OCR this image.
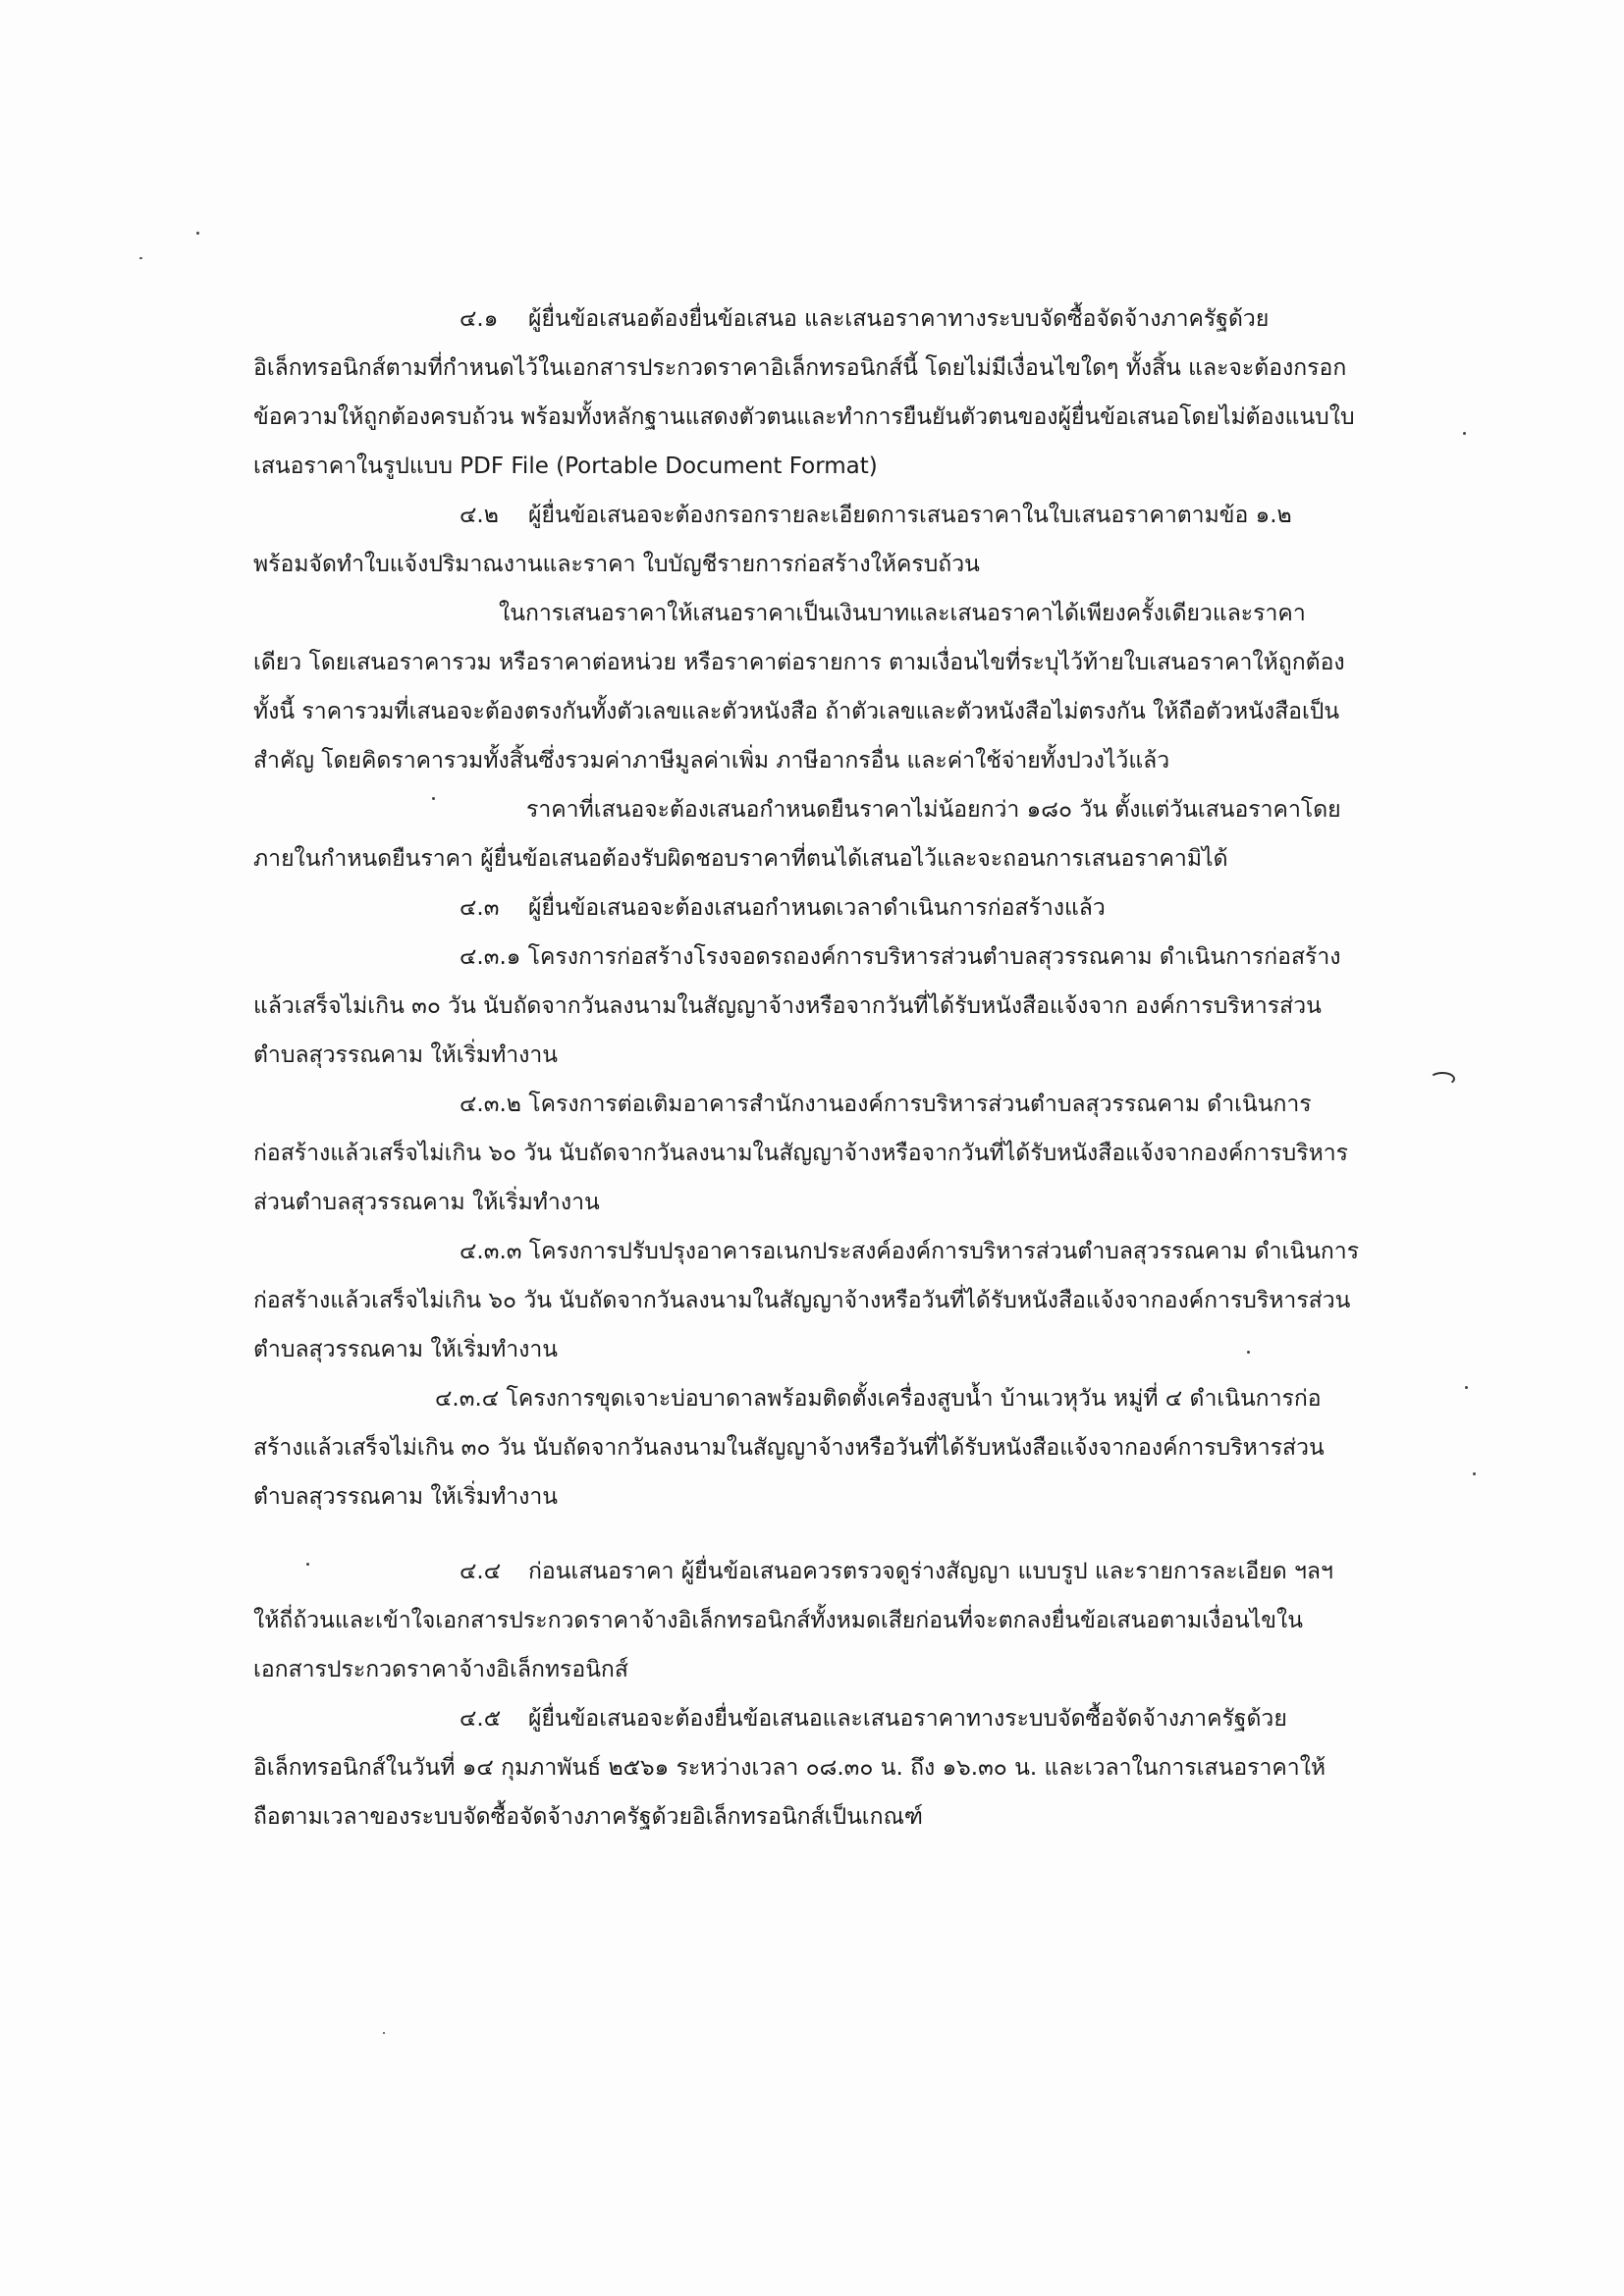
๔.๑ ผู้ยื่นข้อเสนอต้องยื่นข้อเสนอ และเสนอราคาทางระบบจัดซื้อจัดจ้างภาครัฐด้วย
อิเล็กทรอนิกส์ตามที่กำหนดไว้ในเอกสารประกวดราคาอิเล็กทรอนิกส์นี้ โดยไม่มีเงื่อนไขใดๆ ทั้งสิ้น และจะต้องกรอก
ข้อความให้ถูกต้องครบถ้วน พร้อมทั้งหลักฐานแสดงตัวตนและทำการยืนยันตัวตนของผู้ยื่นข้อเสนอโดยไม่ต้องแนบใบ
เสนอราคาในรูปแบบ PDF File (Portable Document Format)
๔.๒ ผู้ยื่นข้อเสนอจะต้องกรอกรายละเอียดการเสนอราคาในใบเสนอราคาตามข้อ ๑.๒
พร้อมจัดทำใบแจ้งปริมาณงานและราคา ใบบัญชีรายการก่อสร้างให้ครบถ้วน
ในการเสนอราคาให้เสนอราคาเป็นเงินบาทและเสนอราคาได้เพียงครั้งเดียวและราคา
เดียว โดยเสนอราคารวม หรือราคาต่อหน่วย หรือราคาต่อรายการ ตามเงื่อนไขที่ระบุไว้ท้ายใบเสนอราคาให้ถูกต้อง
ทั้งนี้ ราคารวมที่เสนอจะต้องตรงกันทั้งตัวเลขและตัวหนังสือ ถ้าตัวเลขและตัวหนังสือไม่ตรงกัน ให้ถือตัวหนังสือเป็น
สำคัญ โดยคิดราคารวมทั้งสิ้นซึ่งรวมค่าภาษีมูลค่าเพิ่ม ภาษีอากรอื่น และค่าใช้จ่ายทั้งปวงไว้แล้ว
ราคาที่เสนอจะต้องเสนอกำหนดยืนราคาไม่น้อยกว่า ๑๘๐ วัน ตั้งแต่วันเสนอราคาโดย
ภายในกำหนดยืนราคา ผู้ยื่นข้อเสนอต้องรับผิดชอบราคาที่ตนได้เสนอไว้และจะถอนการเสนอราคามิได้
๔.๓ ผู้ยื่นข้อเสนอจะต้องเสนอกำหนดเวลาดำเนินการก่อสร้างแล้ว
๔.๓.๑ โครงการก่อสร้างโรงจอดรถองค์การบริหารส่วนตำบลสุวรรณคาม ดำเนินการก่อสร้าง
แล้วเสร็จไม่เกิน ๓๐ วัน นับถัดจากวันลงนามในสัญญาจ้างหรือจากวันที่ได้รับหนังสือแจ้งจาก องค์การบริหารส่วน
ตำบลสุวรรณคาม ให้เริ่มทำงาน
๔.๓.๒ โครงการต่อเติมอาคารสำนักงานองค์การบริหารส่วนตำบลสุวรรณคาม ดำเนินการ
ก่อสร้างแล้วเสร็จไม่เกิน ๖๐ วัน นับถัดจากวันลงนามในสัญญาจ้างหรือจากวันที่ได้รับหนังสือแจ้งจากองค์การบริหาร
ส่วนตำบลสุวรรณคาม ให้เริ่มทำงาน
๔.๓.๓ โครงการปรับปรุงอาคารอเนกประสงค์องค์การบริหารส่วนตำบลสุวรรณคาม ดำเนินการ
ก่อสร้างแล้วเสร็จไม่เกิน ๖๐ วัน นับถัดจากวันลงนามในสัญญาจ้างหรือวันที่ได้รับหนังสือแจ้งจากองค์การบริหารส่วน
ตำบลสุวรรณคาม ให้เริ่มทำงาน
๔.๓.๔ โครงการขุดเจาะบ่อบาดาลพร้อมติดตั้งเครื่องสูบน้ำ บ้านเวหุวัน หมู่ที่ ๔ ดำเนินการก่อ
สร้างแล้วเสร็จไม่เกิน ๓๐ วัน นับถัดจากวันลงนามในสัญญาจ้างหรือวันที่ได้รับหนังสือแจ้งจากองค์การบริหารส่วน
ตำบลสุวรรณคาม ให้เริ่มทำงาน
๔.๔ ก่อนเสนอราคา ผู้ยื่นข้อเสนอควรตรวจดูร่างสัญญา แบบรูป และรายการละเอียด ฯลฯ
ให้ถี่ถ้วนและเข้าใจเอกสารประกวดราคาจ้างอิเล็กทรอนิกส์ทั้งหมดเสียก่อนที่จะตกลงยื่นข้อเสนอตามเงื่อนไขใน
เอกสารประกวดราคาจ้างอิเล็กทรอนิกส์
๔.๕ ผู้ยื่นข้อเสนอจะต้องยื่นข้อเสนอและเสนอราคาทางระบบจัดซื้อจัดจ้างภาครัฐด้วย
อิเล็กทรอนิกส์ในวันที่ ๑๔ กุมภาพันธ์ ๒๕๖๑ ระหว่างเวลา ๐๘.๓๐ น. ถึง ๑๖.๓๐ น. และเวลาในการเสนอราคาให้
ถือตามเวลาของระบบจัดซื้อจัดจ้างภาครัฐด้วยอิเล็กทรอนิกส์เป็นเกณฑ์
